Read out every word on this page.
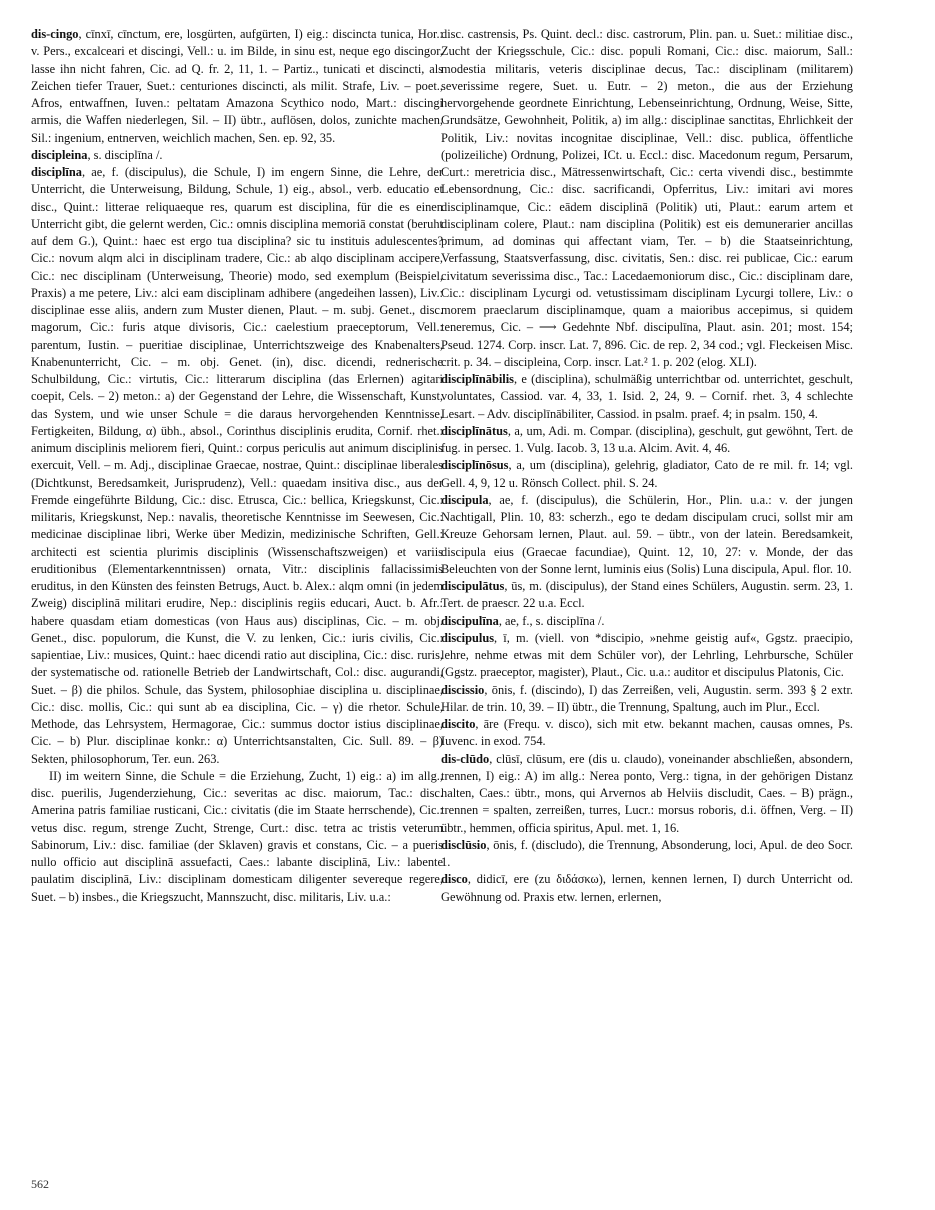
dis-cingo, cīnxī, cīnctum, ere, losgürten, aufgürten, I) eig.: discincta tunica, Hor.: v. Pers., excalceari et discingi, Vell.: u. im Bilde, in sinu est, neque ego discingor, lasse ihn nicht fahren, Cic. ad Q. fr. 2, 11, 1. – Partiz., tunicati et discincti, als Zeichen tiefer Trauer, Suet.: centuriones discincti, als milit. Strafe, Liv. – poet., Afros, entwaffnen, Iuven.: peltatam Amazona Scythico nodo, Mart.: discingi armis, die Waffen niederlegen, Sil. – II) übtr., auflösen, dolos, zunichte machen, Sil.: ingenium, entnerven, weichlich machen, Sen. ep. 92, 35.

discipleina, s. disciplīna /.

disciplīna, ae, f. (discipulus), die Schule, I) im engern Sinne, die Lehre, der Unterricht, die Unterweisung, Bildung, Schule, 1) eig., absol., verb. educatio et disc., Quint.: litterae reliquaeque res, quarum est disciplina, für die es einen Unterricht gibt, die gelernt werden, Cic.: omnis disciplina memoriā constat (beruht auf dem G.), Quint.: haec est ergo tua disciplina? sic tu instituis adulescentes? Cic.: novum alqm alci in disciplinam tradere, Cic.: ab alqo disciplinam accipere, Cic.: nec disciplinam (Unterweisung, Theorie) modo, sed exemplum (Beispiel, Praxis) a me petere, Liv.: alci eam disciplinam adhibere (angedeihen lassen), Liv.: disciplinae esse aliis, andern zum Muster dienen, Plaut. – m. subj. Genet., disc. magorum, Cic.: furis atque divisoris, Cic.: caelestium praeceptorum, Vell.: parentum, Iustin. – pueritiae disciplinae, Unterrichtszweige des Knabenalters, Knabenunterricht, Cic. – m. obj. Genet. (in), disc. dicendi, rednerische Schulbildung, Cic.: virtutis, Cic.: litterarum disciplina (das Erlernen) agitari coepit, Cels. – 2) meton.: a) der Gegenstand der Lehre, die Wissenschaft, Kunst, das System, und wie unser Schule = die daraus hervorgehenden Kenntnisse, Fertigkeiten, Bildung, α) übh., absol., Corinthus disciplinis erudita, Cornif. rhet.: animum disciplinis meliorem fieri, Quint.: corpus periculis aut animum disciplinis exercuit, Vell. – m. Adj., disciplinae Graecae, nostrae, Quint.: disciplinae liberales (Dichtkunst, Beredsamkeit, Jurisprudenz), Vell.: quaedam insitiva disc., aus der Fremde eingeführte Bildung, Cic.: disc. Etrusca, Cic.: bellica, Kriegskunst, Cic.: militaris, Kriegskunst, Nep.: navalis, theoretische Kenntnisse im Seewesen, Cic.: medicinae disciplinae libri, Werke über Medizin, medizinische Schriften, Gell.: architecti est scientia plurimis disciplinis (Wissenschaftszweigen) et variis eruditionibus (Elementarkenntnissen) ornata, Vitr.: disciplinis fallacissimis eruditus, in den Künsten des feinsten Betrugs, Auct. b. Alex.: alqm omni (in jedem Zweig) disciplinā militari erudire, Nep.: disciplinis regiis educari, Auct. b. Afr.: habere quasdam etiam domesticas (von Haus aus) disciplinas, Cic. – m. obj. Genet., disc. populorum, die Kunst, die V. zu lenken, Cic.: iuris civilis, Cic.: sapientiae, Liv.: musices, Quint.: haec dicendi ratio aut disciplina, Cic.: disc. ruris, der systematische od. rationelle Betrieb der Landwirtschaft, Col.: disc. augurandi, Suet. – β) die philos. Schule, das System, philosophiae disciplina u. disciplinae, Cic.: disc. mollis, Cic.: qui sunt ab ea disciplina, Cic. – γ) die rhetor. Schule, Methode, das Lehrsystem, Hermagorae, Cic.: summus doctor istius disciplinae, Cic. – b) Plur. disciplinae konkr.: α) Unterrichtsanstalten, Cic. Sull. 89. – β) Sekten, philosophorum, Ter. eun. 263.

II) im weitern Sinne, die Schule = die Erziehung, Zucht, 1) eig.: a) im allg., disc. puerilis, Jugenderziehung, Cic.: severitas ac disc. maiorum, Tac.: disc. Amerina patris familiae rusticani, Cic.: civitatis (die im Staate herrschende), Cic.: vetus disc. regum, strenge Zucht, Strenge, Curt.: disc. tetra ac tristis veterum Sabinorum, Liv.: disc. familiae (der Sklaven) gravis et constans, Cic. – a pueris nullo officio aut disciplinā assuefacti, Caes.: labante disciplinā, Liv.: labente paulatim disciplinā, Liv.: disciplinam domesticam diligenter severeque regere, Suet. – b) insbes., die Kriegszucht, Mannszucht, disc. militaris, Liv. u.a.:

disc. castrensis, Ps. Quint. decl.: disc. castrorum, Plin. pan. u. Suet.: militiae disc., Zucht der Kriegsschule, Cic.: disc. populi Romani, Cic.: disc. maiorum, Sall.: modestia militaris, veteris disciplinae decus, Tac.: disciplinam (militarem) severissime regere, Suet. u. Eutr. – 2) meton., die aus der Erziehung hervorgehende geordnete Einrichtung, Lebenseinrichtung, Ordnung, Weise, Sitte, Grundsätze, Gewohnheit, Politik, a) im allg.: disciplinae sanctitas, Ehrlichkeit der Politik, Liv.: novitas incognitae disciplinae, Vell.: disc. publica, öffentliche (polizeiliche) Ordnung, Polizei, ICt. u. Eccl.: disc. Macedonum regum, Persarum, Curt.: meretricia disc., Mätressenwirtschaft, Cic.: certa vivendi disc., bestimmte Lebensordnung, Cic.: disc. sacrificandi, Opferritus, Liv.: imitari avi mores disciplinamque, Cic.: eādem disciplinā (Politik) uti, Plaut.: earum artem et disciplinam colere, Plaut.: nam disciplina (Politik) est eis demunerarier ancillas primum, ad dominas qui affectant viam, Ter. – b) die Staatseinrichtung, Verfassung, Staatsverfassung, disc. civitatis, Sen.: disc. rei publicae, Cic.: earum civitatum severissima disc., Tac.: Lacedaemoniorum disc., Cic.: disciplinam dare, Cic.: disciplinam Lycurgi od. vetustissimam disciplinam Lycurgi tollere, Liv.: o morem praeclarum disciplinamque, quam a maioribus accepimus, si quidem teneremus, Cic. – ⟶ Gedehnte Nbf. discipulīna, Plaut. asin. 201; most. 154; Pseud. 1274. Corp. inscr. Lat. 7, 896. Cic. de rep. 2, 34 cod.; vgl. Fleckeisen Misc. crit. p. 34. – discipleina, Corp. inscr. Lat.² 1. p. 202 (elog. XLI).

disciplīnābilis, e (disciplina), schulmäßig unterrichtbar od. unterrichtet, geschult, voluntates, Cassiod. var. 4, 33, 1. Isid. 2, 24, 9. – Cornif. rhet. 3, 4 schlechte Lesart. – Adv. disciplīnābiliter, Cassiod. in psalm. praef. 4; in psalm. 150, 4.

disciplīnātus, a, um, Adi. m. Compar. (disciplina), geschult, gut gewöhnt, Tert. de fug. in persec. 1. Vulg. Iacob. 3, 13 u.a. Alcim. Avit. 4, 46.

disciplīnōsus, a, um (disciplina), gelehrig, gladiator, Cato de re mil. fr. 14; vgl. Gell. 4, 9, 12 u. Rönsch Collect. phil. S. 24.

discipula, ae, f. (discipulus), die Schülerin, Hor., Plin. u.a.: v. der jungen Nachtigall, Plin. 10, 83: scherzh., ego te dedam discipulam cruci, sollst mir am Kreuze Gehorsam lernen, Plaut. aul. 59. – übtr., von der latein. Beredsamkeit, discipula eius (Graecae facundiae), Quint. 12, 10, 27: v. Monde, der das Beleuchten von der Sonne lernt, luminis eius (Solis) Luna discipula, Apul. flor. 10.

discipulātus, ūs, m. (discipulus), der Stand eines Schülers, Augustin. serm. 23, 1. Tert. de praescr. 22 u.a. Eccl.

discipulīna, ae, f., s. disciplīna /.

discipulus, ī, m. (viell. von *discipio, »nehme geistig auf«, Ggstz. praecipio, lehre, nehme etwas mit dem Schüler vor), der Lehrling, Lehrbursche, Schüler (Ggstz. praeceptor, magister), Plaut., Cic. u.a.: auditor et discipulus Platonis, Cic.

discissio, ōnis, f. (discindo), I) das Zerreißen, veli, Augustin. serm. 393 § 2 extr. Hilar. de trin. 10, 39. – II) übtr., die Trennung, Spaltung, auch im Plur., Eccl.

discito, āre (Frequ. v. disco), sich mit etw. bekannt machen, causas omnes, Ps. Iuvenc. in exod. 754.

dis-clūdo, clūsī, clūsum, ere (dis u. claudo), voneinander abschließen, absondern, trennen, I) eig.: A) im allg.: Nerea ponto, Verg.: tigna, in der gehörigen Distanz halten, Caes.: übtr., mons, qui Arvernos ab Helviis discludit, Caes. – B) prägn., trennen = spalten, zerreißen, turres, Lucr.: morsus roboris, d.i. öffnen, Verg. – II) übtr., hemmen, officia spiritus, Apul. met. 1, 16.

disclūsio, ōnis, f. (discludo), die Trennung, Absonderung, loci, Apul. de deo Socr. 1.

disco, didicī, ere (zu διδάσκω), lernen, kennen lernen, I) durch Unterricht od. Gewöhnung od. Praxis etw. lernen, erlernen,

562
